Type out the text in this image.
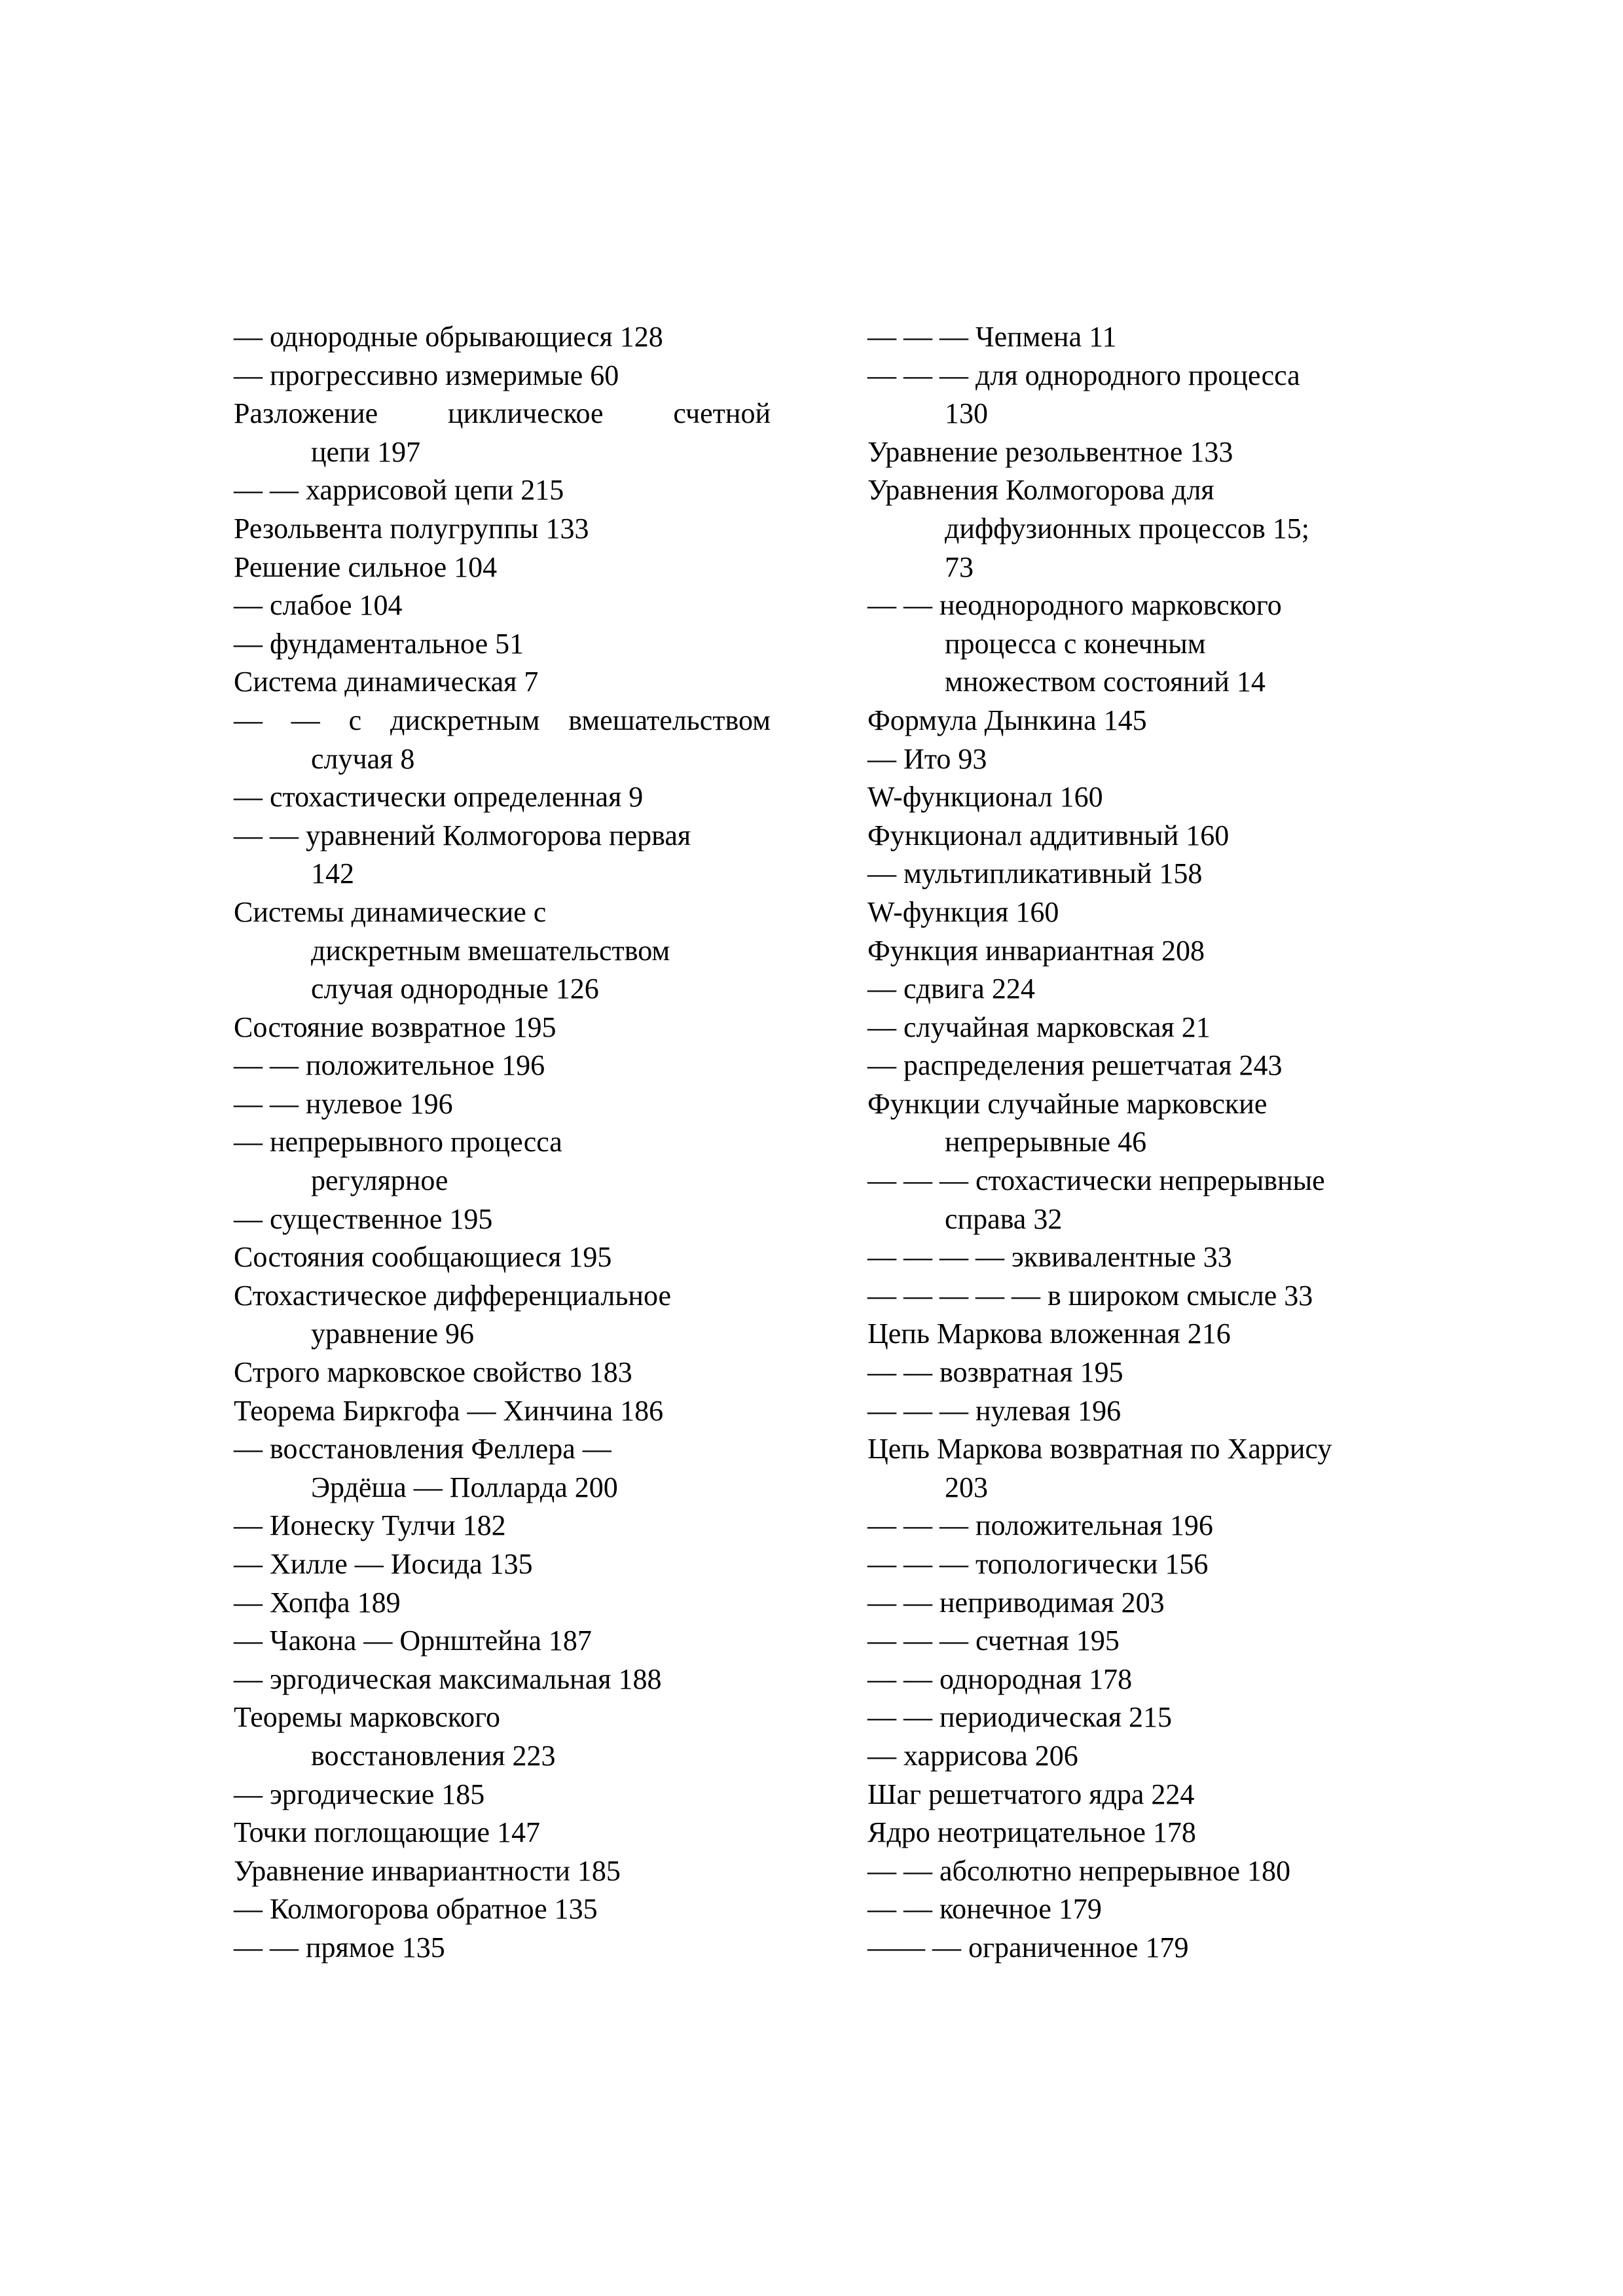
— однородные обрывающиеся 128
— прогрессивно измеримые 60
Разложение циклическое счетной
цепи 197
— — харрисовой цепи 215
Резольвента полугруппы 133
Решение сильное 104
— слабое 104
— фундаментальное 51
Система динамическая 7
— — с дискретным вмешательством
случая 8
— стохастически определенная 9
— — уравнений Колмогорова первая
142
Системы динамические с
дискретным вмешательством
случая однородные 126
Состояние возвратное 195
— — положительное 196
— — нулевое 196
— непрерывного процесса
регулярное
— существенное 195
Состояния сообщающиеся 195
Стохастическое дифференциальное
уравнение 96
Строго марковское свойство 183
Теорема Биркгофа — Хинчина 186
— восстановления Феллера —
Эрдёша — Полларда 200
— Ионеску Тулчи 182
— Хилле — Иосида 135
— Хопфа 189
— Чакона — Орнштейна 187
— эргодическая максимальная 188
Теоремы марковского
восстановления 223
— эргодические 185
Точки поглощающие 147
Уравнение инвариантности 185
— Колмогорова обратное 135
— — прямое 135
— — — Чепмена 11
— — — для однородного процесса
130
Уравнение резольвентное 133
Уравнения Колмогорова для
диффузионных процессов 15;
73
— — неоднородного марковского
процесса с конечным
множеством состояний 14
Формула Дынкина 145
— Ито 93
W-функционал 160
Функционал аддитивный 160
— мультипликативный 158
W-функция 160
Функция инвариантная 208
— сдвига 224
— случайная марковская 21
— распределения решетчатая 243
Функции случайные марковские
непрерывные 46
— — — стохастически непрерывные
справа 32
— — — — эквивалентные 33
— — — — — в широком смысле 33
Цепь Маркова вложенная 216
— — возвратная 195
— — — нулевая 196
Цепь Маркова возвратная по Харрису
203
— — — положительная 196
— — — топологически 156
— — неприводимая 203
— — — счетная 195
— — однородная 178
— — периодическая 215
— харрисова 206
Шаг решетчатого ядра 224
Ядро неотрицательное 178
— — абсолютно непрерывное 180
— — конечное 179
—— — ограниченное 179
